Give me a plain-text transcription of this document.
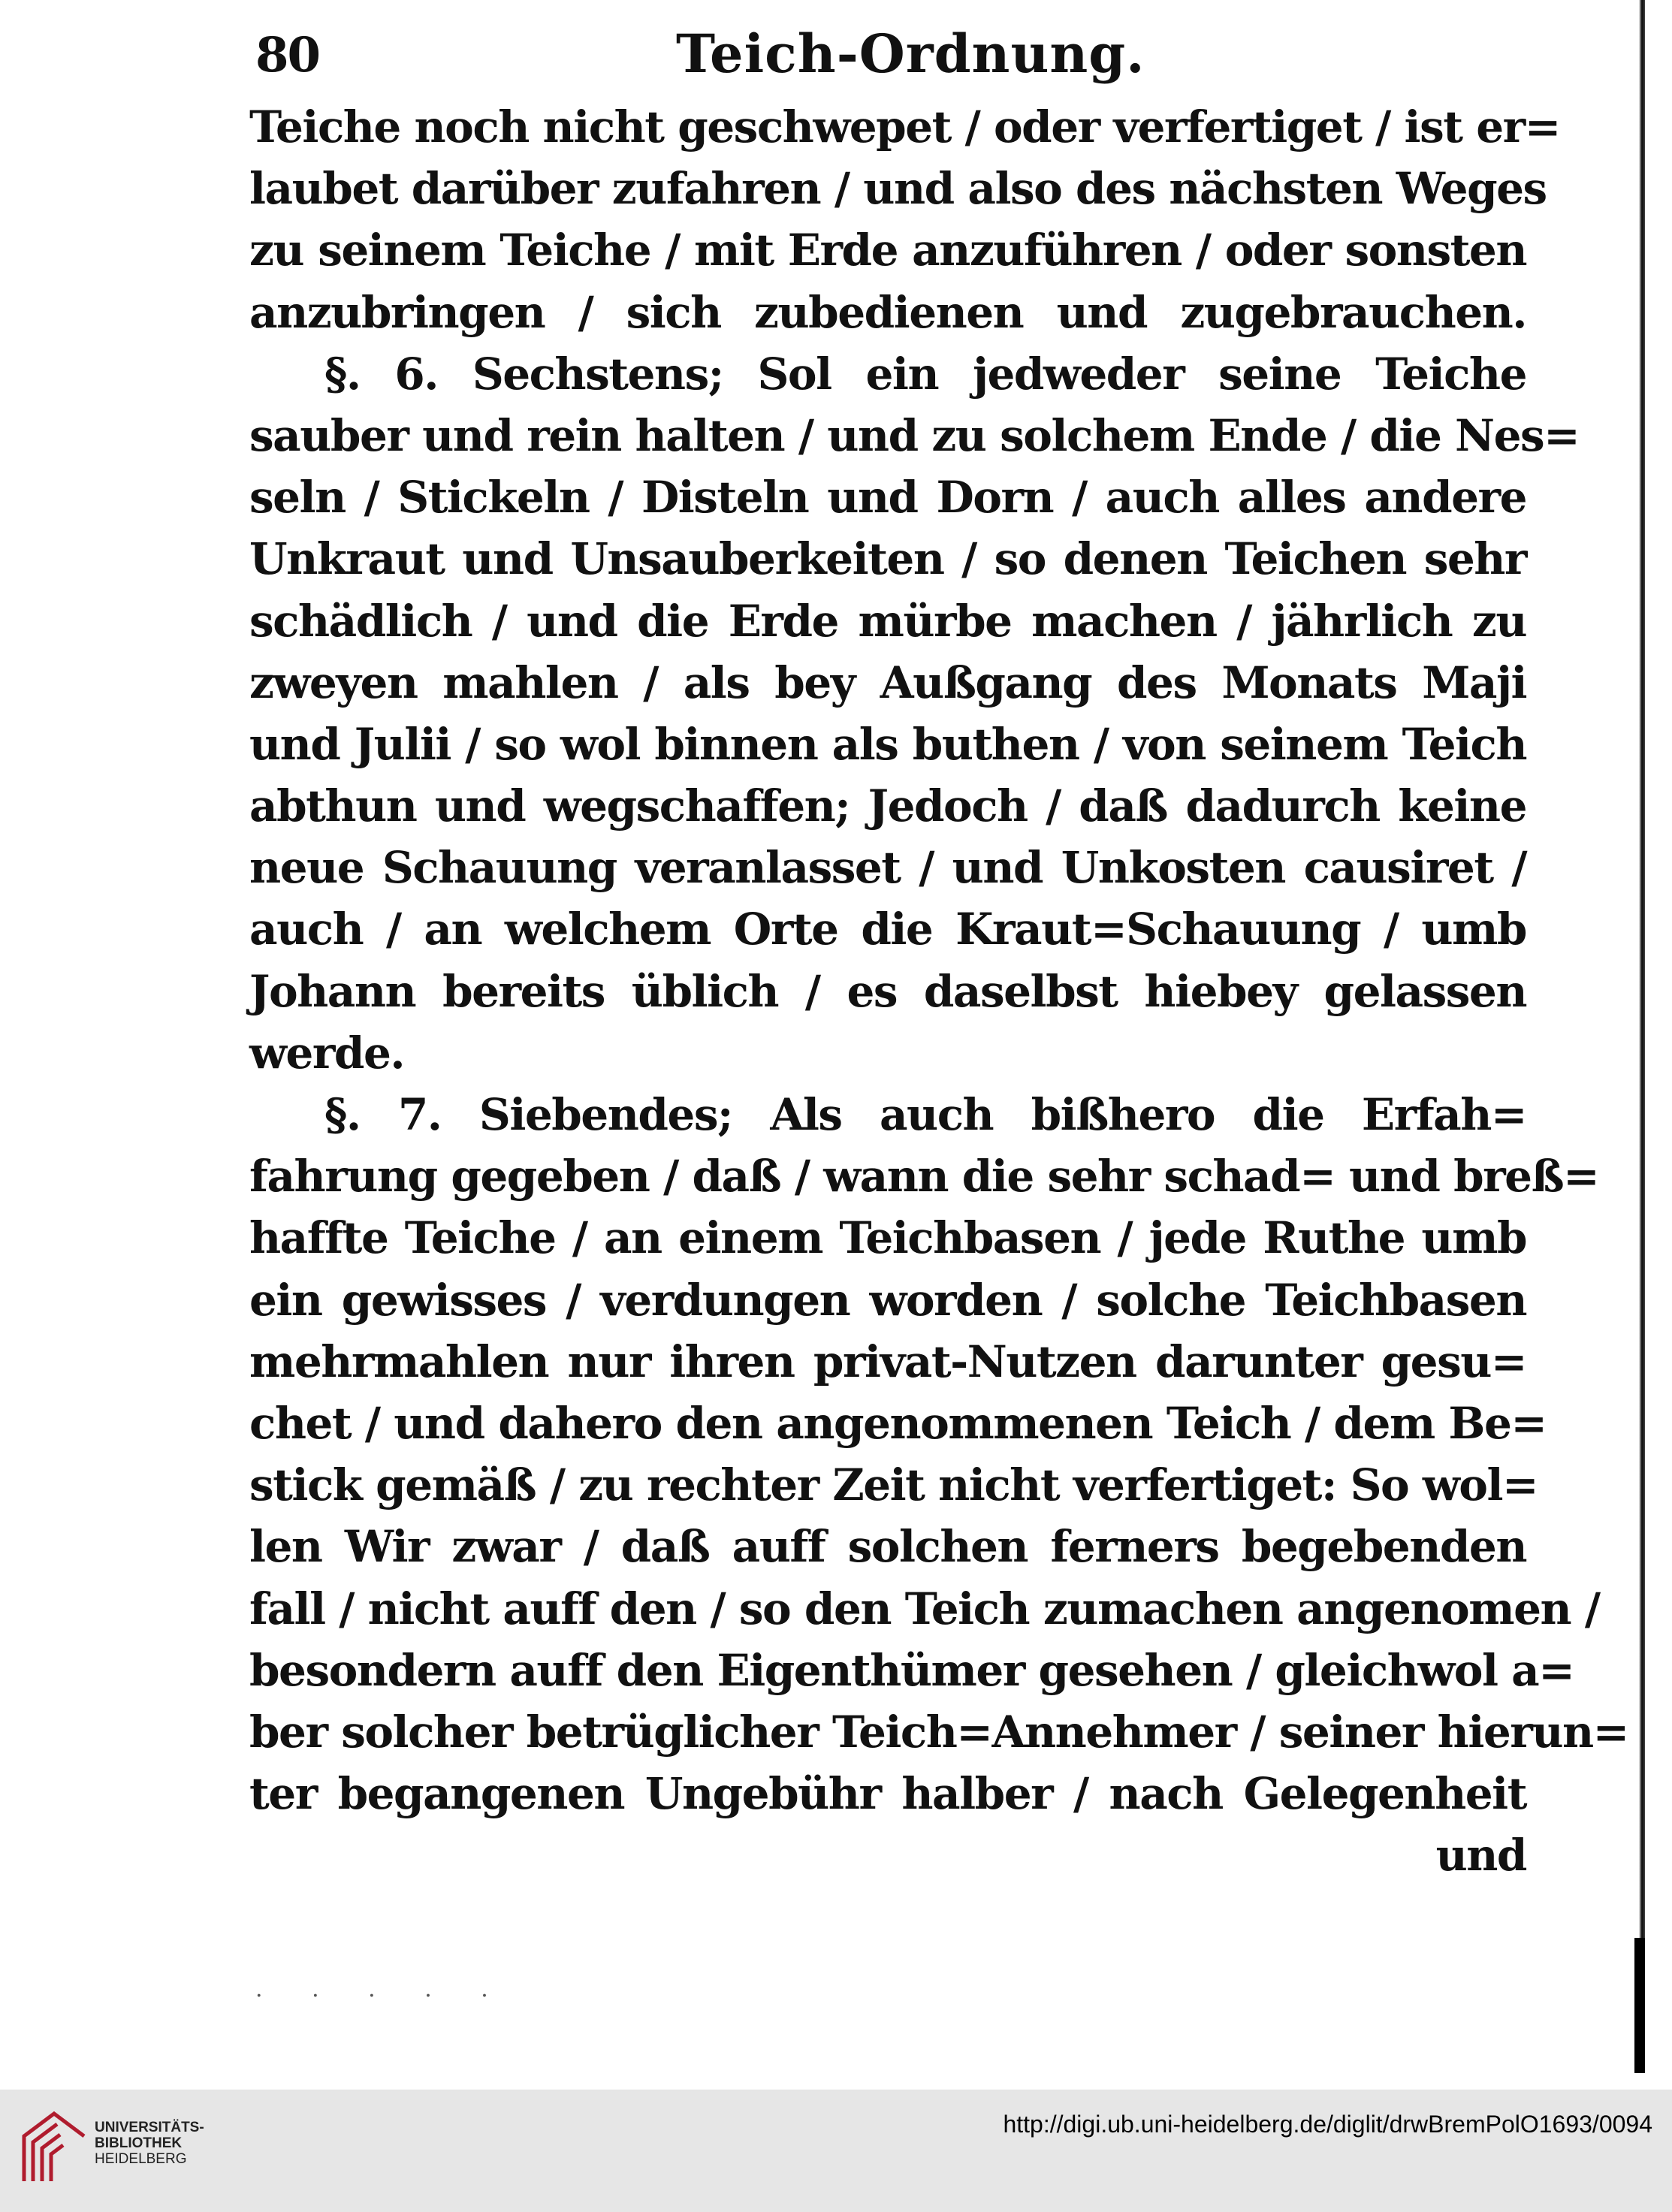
80	Teich-Ordnung.
Teiche noch nicht geschwepet / oder verfertiget / ist er=
laubet darüber zufahren / und also des nächsten Weges
zu seinem Teiche / mit Erde anzuführen / oder sonsten
anzubringen / sich zubedienen und zugebrauchen.
§. 6. Sechstens; Sol ein jedweder seine Teiche
sauber und rein halten / und zu solchem Ende / die Nes=
seln / Stickeln / Disteln und Dorn / auch alles andere
Unkraut und Unsauberkeiten / so denen Teichen sehr
schädlich / und die Erde mürbe machen / jährlich zu
zweyen mahlen / als bey Außgang des Monats Maji
und Julii / so wol binnen als buthen / von seinem Teich
abthun und wegschaffen; Jedoch / daß dadurch keine
neue Schauung veranlasset / und Unkosten causiret /
auch / an welchem Orte die Kraut=Schauung / umb
Johann bereits üblich / es daselbst hiebey gelassen
werde.
§. 7. Siebendes; Als auch bißhero die Erfah=
fahrung gegeben / daß / wann die sehr schad= und breß=
haffte Teiche / an einem Teichbasen / jede Ruthe umb
ein gewisses / verdungen worden / solche Teichbasen
mehrmahlen nur ihren privat-Nutzen darunter gesu=
chet / und dahero den angenommenen Teich / dem Be=
stick gemäß / zu rechter Zeit nicht verfertiget: So wol=
len Wir zwar / daß auff solchen ferners begebenden
fall / nicht auff den / so den Teich zumachen angenomen /
besondern auff den Eigenthümer gesehen / gleichwol a=
ber solcher betrüglicher Teich=Annehmer / seiner hierun=
ter begangenen Ungebühr halber / nach Gelegenheit
und
· · · · ·
UNIVERSITÄTS-
BIBLIOTHEK
HEIDELBERG
http://digi.ub.uni-heidelberg.de/diglit/drwBremPolO1693/0094
